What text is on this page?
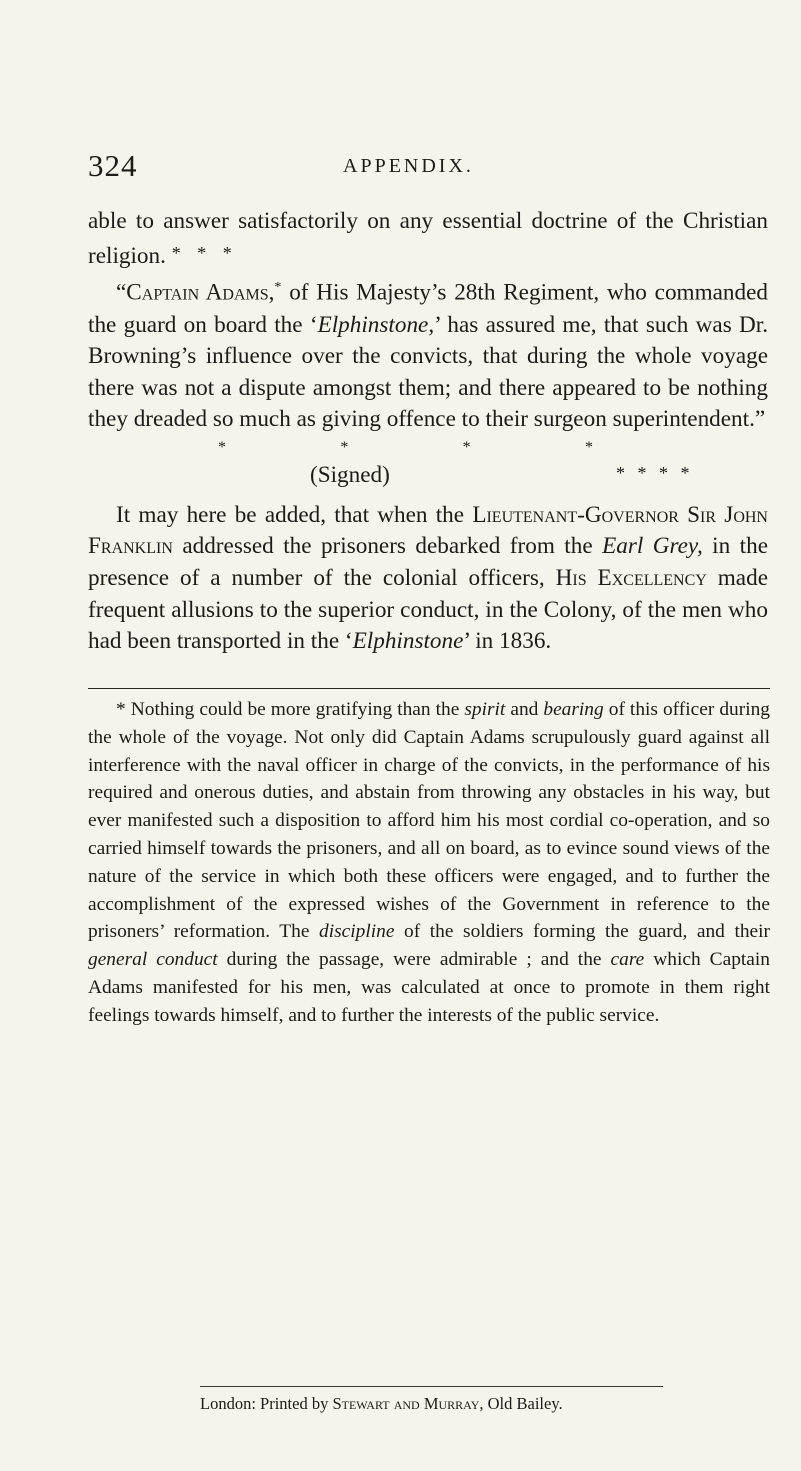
324	APPENDIX.

able to answer satisfactorily on any essential doctrine of the Christian religion. * * *

“Captain Adams,* of His Majesty’s 28th Regiment, who commanded the guard on board the ‘Elphinstone,’ has assured me, that such was Dr. Browning’s influence over the convicts, that during the whole voyage there was not a dispute amongst them; and there appeared to be nothing they dreaded so much as giving offence to their surgeon superintendent.”

*	*	*	*
(Signed)	* * * *

It may here be added, that when the Lieutenant-Governor Sir John Franklin addressed the prisoners debarked from the Earl Grey, in the presence of a number of the colonial officers, His Excellency made frequent allusions to the superior conduct, in the Colony, of the men who had been transported in the ‘Elphinstone’ in 1836.

* Nothing could be more gratifying than the spirit and bearing of this officer during the whole of the voyage. Not only did Captain Adams scrupulously guard against all interference with the naval officer in charge of the convicts, in the performance of his required and onerous duties, and abstain from throwing any obstacles in his way, but ever manifested such a disposition to afford him his most cordial co-operation, and so carried himself towards the prisoners, and all on board, as to evince sound views of the nature of the service in which both these officers were engaged, and to further the accomplishment of the expressed wishes of the Government in reference to the prisoners’ reformation. The discipline of the soldiers forming the guard, and their general conduct during the passage, were admirable ; and the care which Captain Adams manifested for his men, was calculated at once to promote in them right feelings towards himself, and to further the interests of the public service.

London: Printed by Stewart and Murray, Old Bailey.
